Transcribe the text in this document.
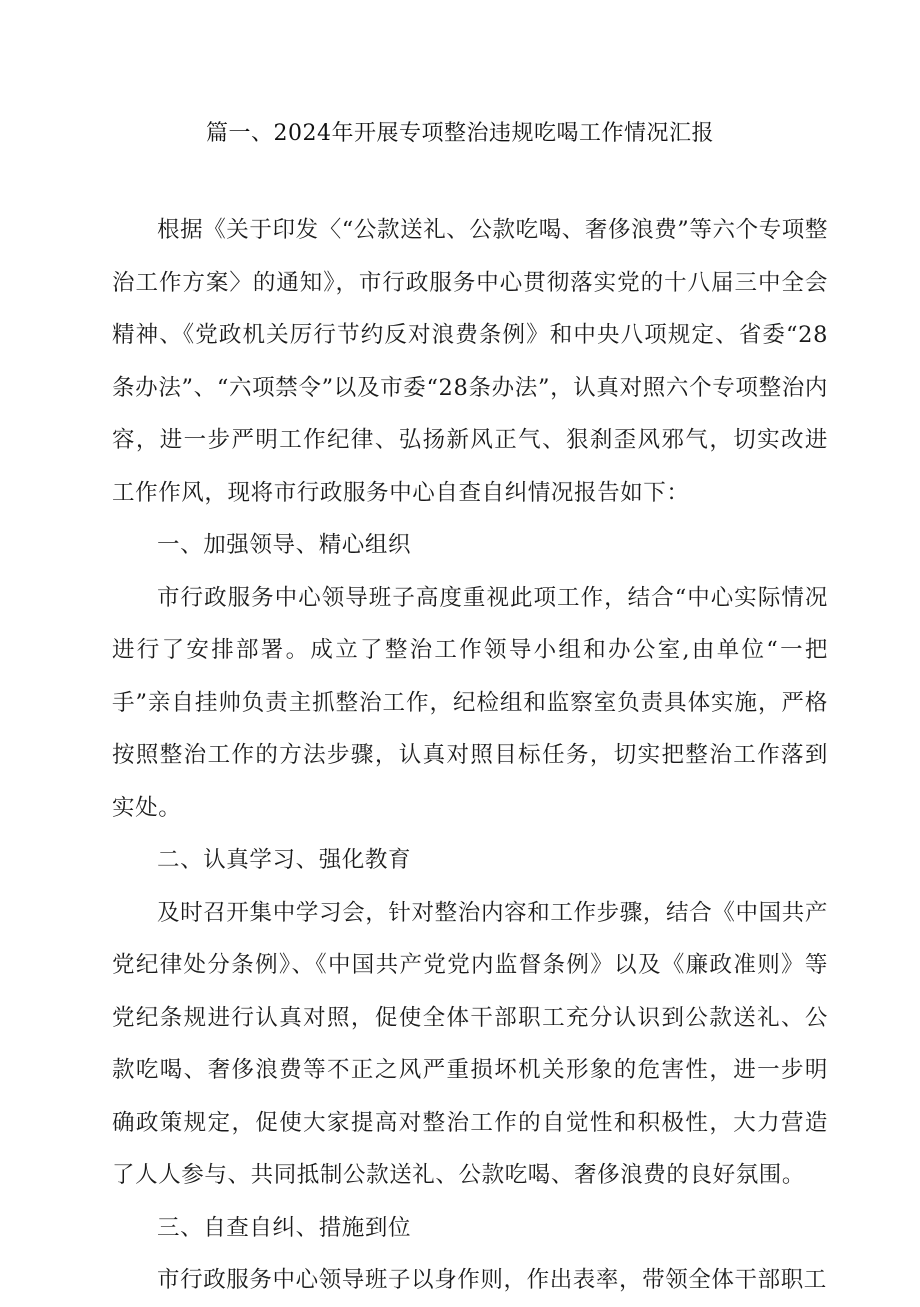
篇一、2024年开展专项整治违规吃喝工作情况汇报

根据《关于印发〈“公款送礼、公款吃喝、奢侈浪费”等六个专项整治工作方案〉的通知》，市行政服务中心贯彻落实党的十八届三中全会精神、《党政机关厉行节约反对浪费条例》和中央八项规定、省委“28条办法”、“六项禁令”以及市委“28条办法”，认真对照六个专项整治内容，进一步严明工作纪律、弘扬新风正气、狠刹歪风邪气，切实改进工作作风，现将市行政服务中心自查自纠情况报告如下：

一、加强领导、精心组织

市行政服务中心领导班子高度重视此项工作，结合“中心实际情况进行了安排部署。成立了整治工作领导小组和办公室,由单位“一把手”亲自挂帅负责主抓整治工作，纪检组和监察室负责具体实施，严格按照整治工作的方法步骤，认真对照目标任务，切实把整治工作落到实处。

二、认真学习、强化教育

及时召开集中学习会，针对整治内容和工作步骤，结合《中国共产党纪律处分条例》、《中国共产党党内监督条例》以及《廉政准则》等党纪条规进行认真对照，促使全体干部职工充分认识到公款送礼、公款吃喝、奢侈浪费等不正之风严重损坏机关形象的危害性，进一步明确政策规定，促使大家提高对整治工作的自觉性和积极性，大力营造了人人参与、共同抵制公款送礼、公款吃喝、奢侈浪费的良好氛围。

三、自查自纠、措施到位

市行政服务中心领导班子以身作则，作出表率，带领全体干部职工
